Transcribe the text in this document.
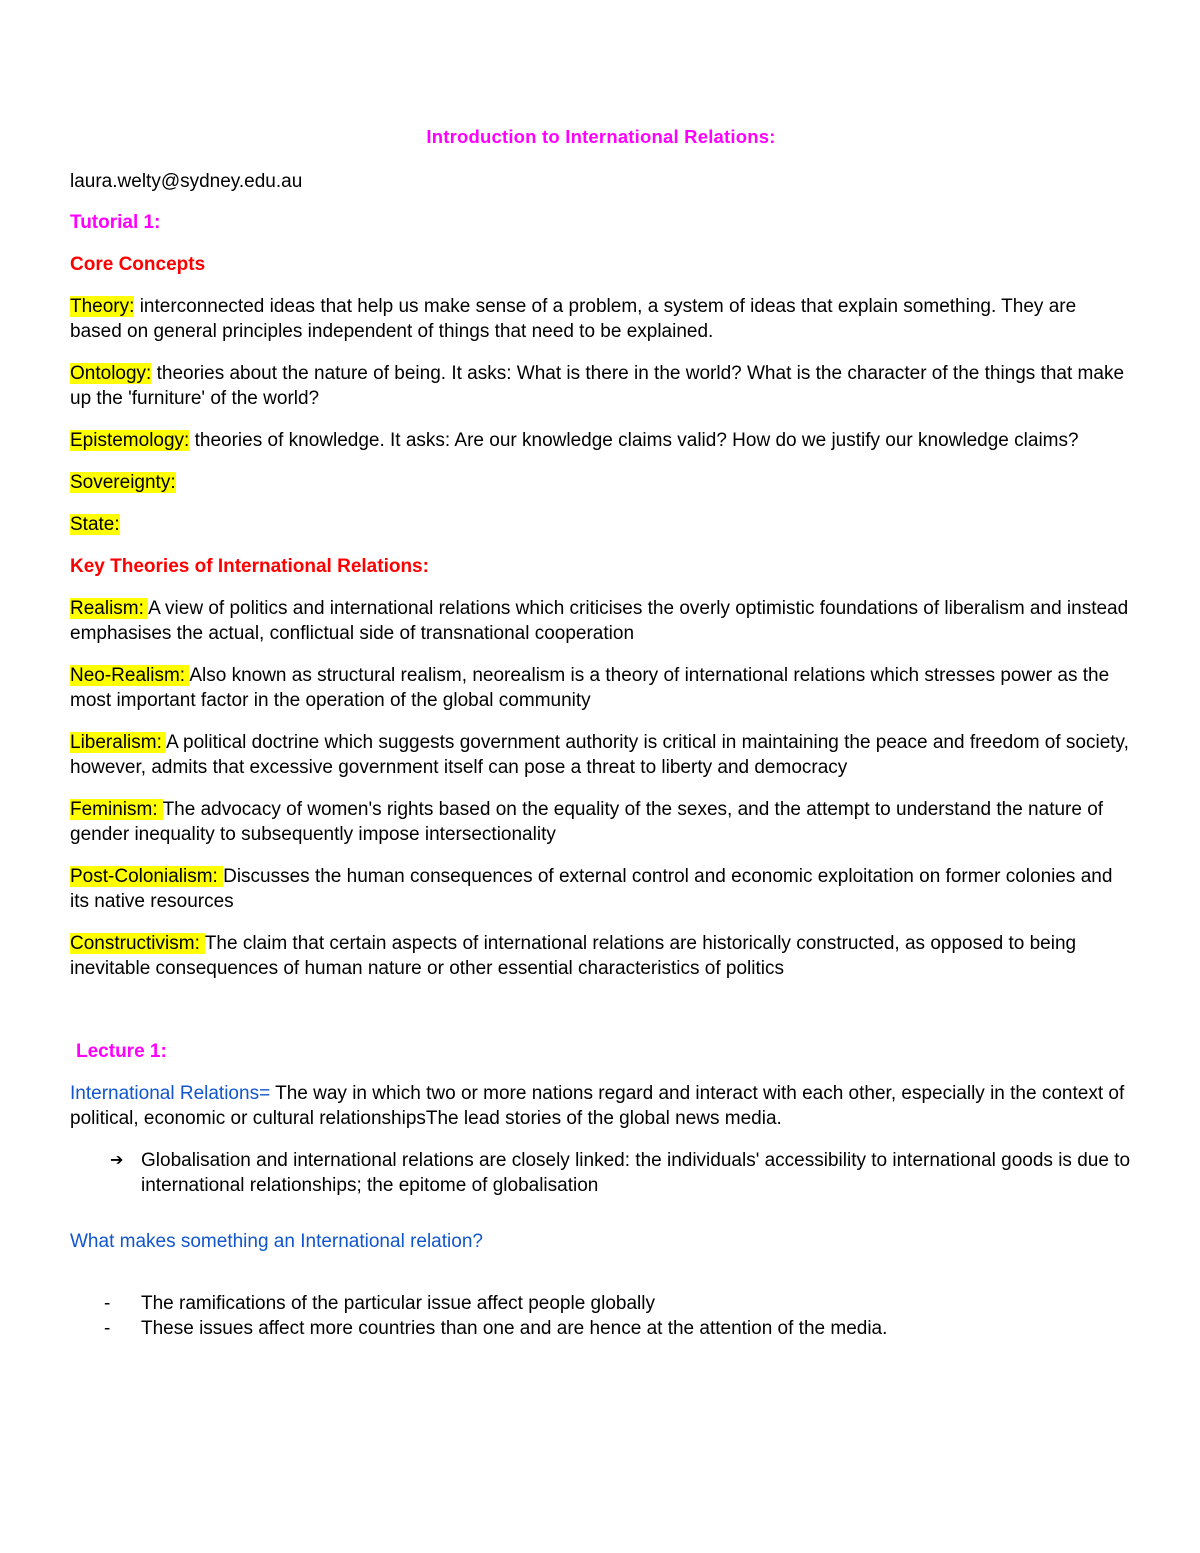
Introduction to International Relations:
laura.welty@sydney.edu.au
Tutorial 1:
Core Concepts

Theory: interconnected ideas that help us make sense of a problem, a system of ideas that explain something. They are based on general principles independent of things that need to be explained.

Ontology: theories about the nature of being. It asks: What is there in the world? What is the character of the things that make up the 'furniture' of the world?

Epistemology: theories of knowledge. It asks: Are our knowledge claims valid? How do we justify our knowledge claims?

Sovereignty:

State:

Key Theories of International Relations:

Realism: A view of politics and international relations which criticises the overly optimistic foundations of liberalism and instead emphasises the actual, conflictual side of transnational cooperation

Neo-Realism: Also known as structural realism, neorealism is a theory of international relations which stresses power as the most important factor in the operation of the global community

Liberalism: A political doctrine which suggests government authority is critical in maintaining the peace and freedom of society, however, admits that excessive government itself can pose a threat to liberty and democracy

Feminism: The advocacy of women's rights based on the equality of the sexes, and the attempt to understand the nature of gender inequality to subsequently impose intersectionality

Post-Colonialism: Discusses the human consequences of external control and economic exploitation on former colonies and its native resources

Constructivism: The claim that certain aspects of international relations are historically constructed, as opposed to being inevitable consequences of human nature or other essential characteristics of politics

Lecture 1:

International Relations= The way in which two or more nations regard and interact with each other, especially in the context of political, economic or cultural relationshipsThe lead stories of the global news media.

➔ Globalisation and international relations are closely linked: the individuals' accessibility to international goods is due to international relationships; the epitome of globalisation
What makes something an International relation?
- The ramifications of the particular issue affect people globally
- These issues affect more countries than one and are hence at the attention of the media.
